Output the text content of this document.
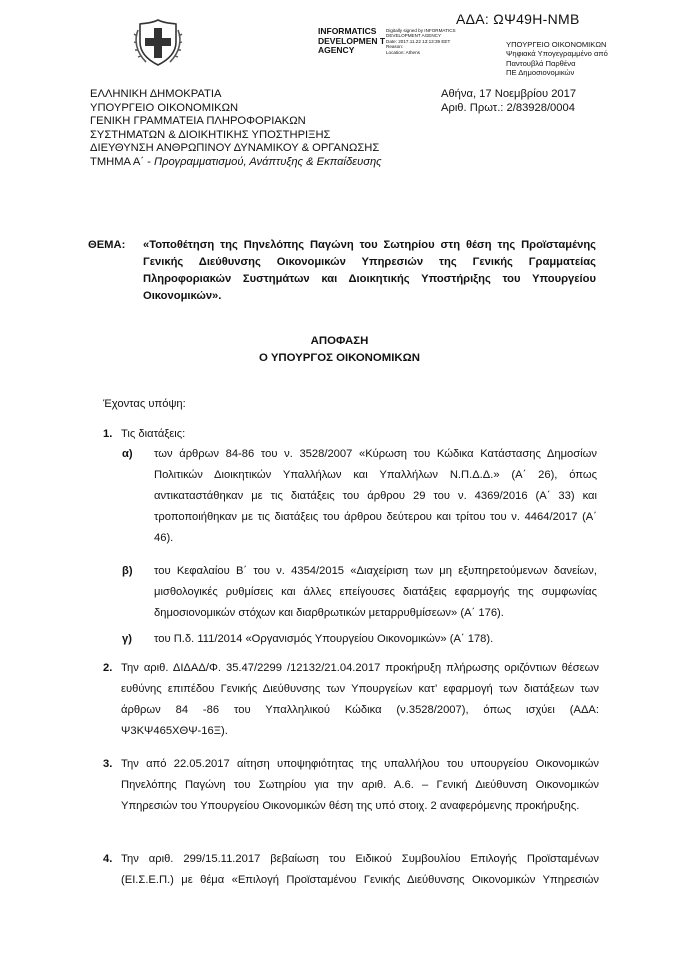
ΑΔΑ: ΩΨ49Η-ΝΜΒ
INFORMATICS DEVELOPMEN T AGENCY
Digitally signed by INFORMATICS DEVELOPMENT AGENCY
Date: 2017.11.22 13:13:39 EET
Reason:
Location: Athens
ΥΠΟΥΡΓΕΙΟ ΟΙΚΟΝΟΜΙΚΩΝ
Ψηφιακά Υπογεγραμμένο από
Παντουβλά Παρθένα
ΠΕ Δημοσιονομικών
ΕΛΛΗΝΙΚΗ ΔΗΜΟΚΡΑΤΙΑ
ΥΠΟΥΡΓΕΙΟ ΟΙΚΟΝΟΜΙΚΩΝ
ΓΕΝΙΚΗ ΓΡΑΜΜΑΤΕΙΑ ΠΛΗΡΟΦΟΡΙΑΚΩΝ
ΣΥΣΤΗΜΑΤΩΝ & ΔΙΟΙΚΗΤΙΚΗΣ ΥΠΟΣΤΗΡΙΞΗΣ
ΔΙΕΥΘΥΝΣΗ ΑΝΘΡΩΠΙΝΟΥ ΔΥΝΑΜΙΚΟΥ & ΟΡΓΑΝΩΣΗΣ
ΤΜΗΜΑ Α΄ - Προγραμματισμού, Ανάπτυξης & Εκπαίδευσης
Αθήνα, 17 Νοεμβρίου 2017
Αριθ. Πρωτ.: 2/83928/0004
ΘΕΜΑ: «Τοποθέτηση της Πηνελόπης Παγώνη του Σωτηρίου στη θέση της Προϊσταμένης Γενικής Διεύθυνσης Οικονομικών Υπηρεσιών της Γενικής Γραμματείας Πληροφοριακών Συστημάτων και Διοικητικής Υποστήριξης του Υπουργείου Οικονομικών».
ΑΠΟΦΑΣΗ
Ο ΥΠΟΥΡΓΟΣ ΟΙΚΟΝΟΜΙΚΩΝ
Έχοντας υπόψη:
1. Τις διατάξεις:
α) των άρθρων 84-86 του ν. 3528/2007 «Κύρωση του Κώδικα Κατάστασης Δημοσίων Πολιτικών Διοικητικών Υπαλλήλων και Υπαλλήλων Ν.Π.Δ.Δ.» (Α΄ 26), όπως αντικαταστάθηκαν με τις διατάξεις του άρθρου 29 του ν. 4369/2016 (Α΄ 33) και τροποποιήθηκαν με τις διατάξεις του άρθρου δεύτερου και τρίτου του ν. 4464/2017 (Α΄ 46).
β) του Κεφαλαίου Β΄ του ν. 4354/2015 «Διαχείριση των μη εξυπηρετούμενων δανείων, μισθολογικές ρυθμίσεις και άλλες επείγουσες διατάξεις εφαρμογής της συμφωνίας δημοσιονομικών στόχων και διαρθρωτικών μεταρρυθμίσεων» (Α΄ 176).
γ) του Π.δ. 111/2014 «Οργανισμός Υπουργείου Οικονομικών» (Α΄ 178).
2. Την αριθ. ΔΙΔΑΔ/Φ. 35.47/2299 /12132/21.04.2017 προκήρυξη πλήρωσης οριζόντιων θέσεων ευθύνης επιπέδου Γενικής Διεύθυνσης των Υπουργείων κατ’ εφαρμογή των διατάξεων των άρθρων 84 -86 του Υπαλληλικού Κώδικα (ν.3528/2007), όπως ισχύει (ΑΔΑ: Ψ3ΚΨ465ΧΘΨ-16Ξ).
3. Την από 22.05.2017 αίτηση υποψηφιότητας της υπαλλήλου του υπουργείου Οικονομικών Πηνελόπης Παγώνη του Σωτηρίου για την αριθ. Α.6. – Γενική Διεύθυνση Οικονομικών Υπηρεσιών του Υπουργείου Οικονομικών θέση της υπό στοιχ. 2 αναφερόμενης προκήρυξης.
4. Την αριθ. 299/15.11.2017 βεβαίωση του Ειδικού Συμβουλίου Επιλογής Προϊσταμένων (ΕΙ.Σ.Ε.Π.) με θέμα «Επιλογή Προϊσταμένου Γενικής Διεύθυνσης Οικονομικών Υπηρεσιών
